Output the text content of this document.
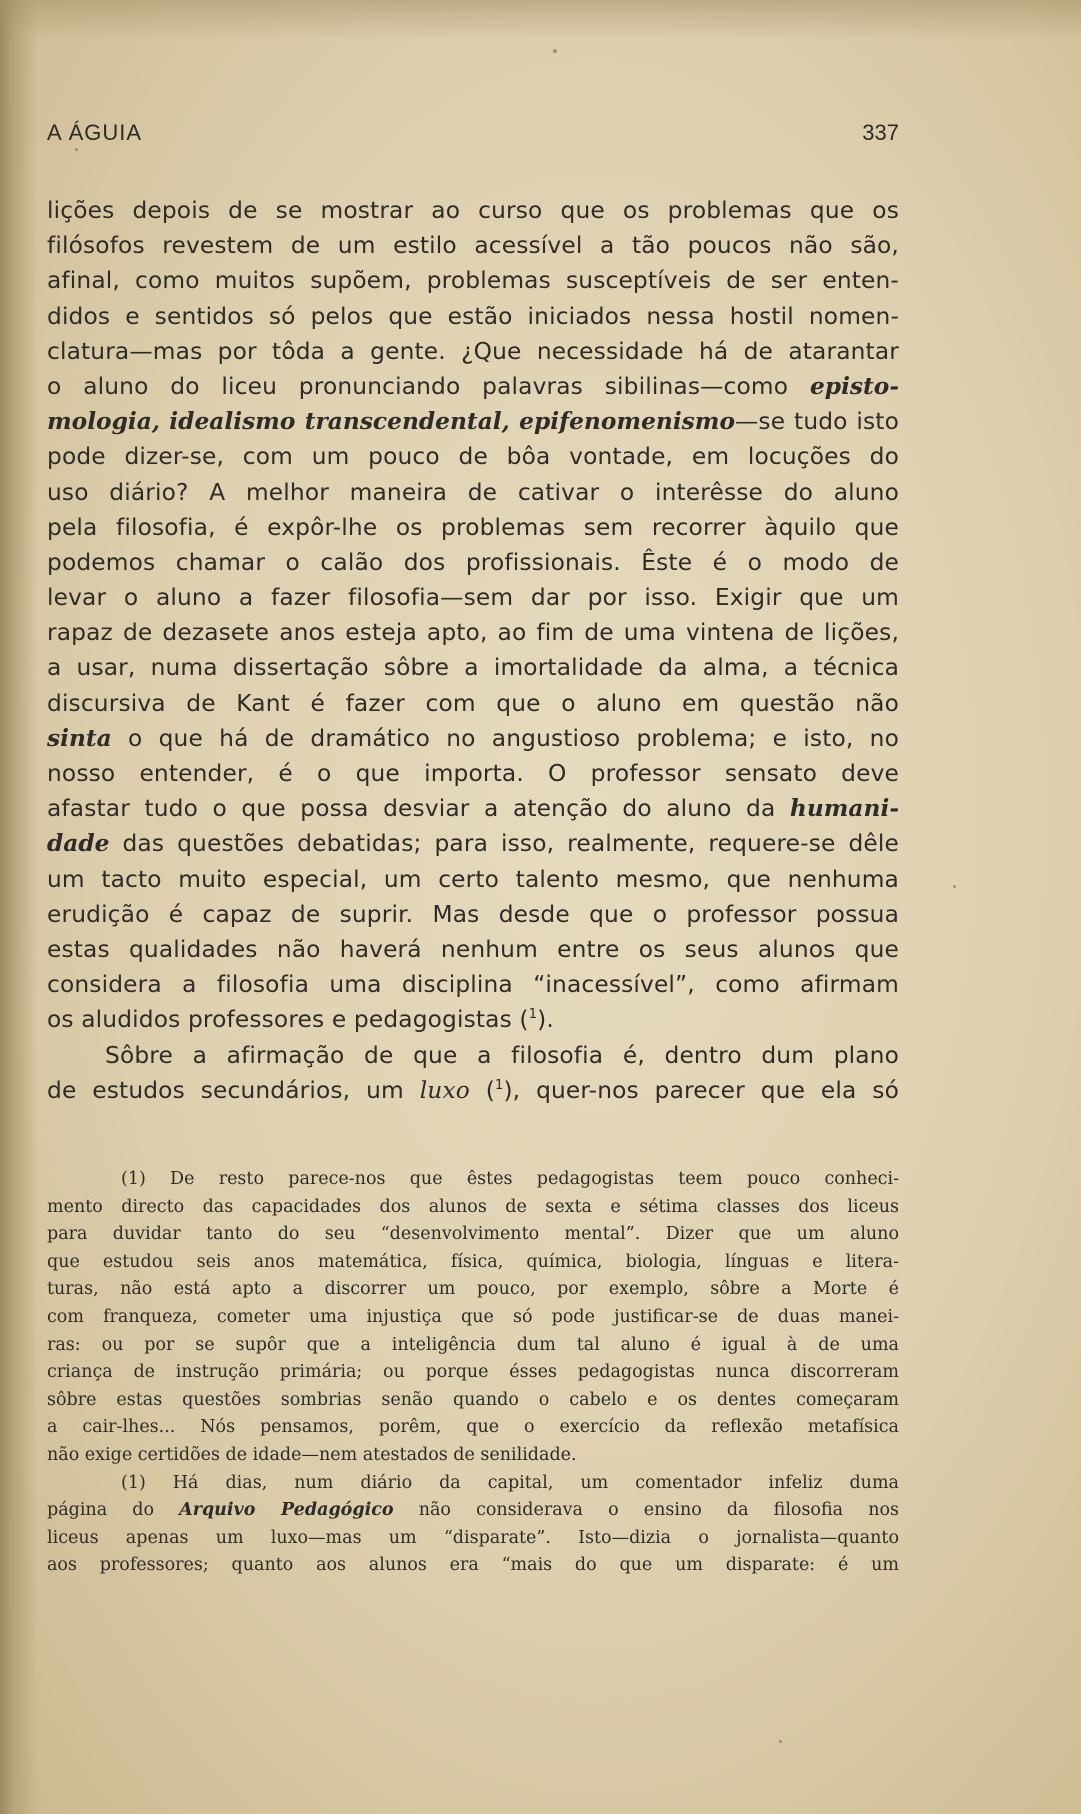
A ÁGUIA	337
lições depois de se mostrar ao curso que os problemas que os
filósofos revestem de um estilo acessível a tão poucos não são,
afinal, como muitos supõem, problemas susceptíveis de ser enten-
didos e sentidos só pelos que estão iniciados nessa hostil nomen-
clatura—mas por tôda a gente. ¿Que necessidade há de atarantar
o aluno do liceu pronunciando palavras sibilinas—como episto-
mologia, idealismo transcendental, epifenomenismo—se tudo isto
pode dizer-se, com um pouco de bôa vontade, em locuções do
uso diário? A melhor maneira de cativar o interêsse do aluno
pela filosofia, é expôr-lhe os problemas sem recorrer àquilo que
podemos chamar o calão dos profissionais. Êste é o modo de
levar o aluno a fazer filosofia—sem dar por isso. Exigir que um
rapaz de dezasete anos esteja apto, ao fim de uma vintena de lições,
a usar, numa dissertação sôbre a imortalidade da alma, a técnica
discursiva de Kant é fazer com que o aluno em questão não
sinta o que há de dramático no angustioso problema; e isto, no
nosso entender, é o que importa. O professor sensato deve
afastar tudo o que possa desviar a atenção do aluno da humani-
dade das questões debatidas; para isso, realmente, requere-se dêle
um tacto muito especial, um certo talento mesmo, que nenhuma
erudição é capaz de suprir. Mas desde que o professor possua
estas qualidades não haverá nenhum entre os seus alunos que
considera a filosofia uma disciplina “inacessível”, como afirmam
os aludidos professores e pedagogistas ($^1$).
Sôbre a afirmação de que a filosofia é, dentro dum plano
de estudos secundários, um luxo ($^1$), quer-nos parecer que ela só
(1) De resto parece-nos que êstes pedagogistas teem pouco conheci-
mento directo das capacidades dos alunos de sexta e sétima classes dos liceus
para duvidar tanto do seu “desenvolvimento mental”. Dizer que um aluno
que estudou seis anos matemática, física, química, biologia, línguas e litera-
turas, não está apto a discorrer um pouco, por exemplo, sôbre a Morte é
com franqueza, cometer uma injustiça que só pode justificar-se de duas manei-
ras: ou por se supôr que a inteligência dum tal aluno é igual à de uma
criança de instrução primária; ou porque ésses pedagogistas nunca discorreram
sôbre estas questões sombrias senão quando o cabelo e os dentes começaram
a cair-lhes... Nós pensamos, porêm, que o exercício da reflexão metafísica
não exige certidões de idade—nem atestados de senilidade.
(1) Há dias, num diário da capital, um comentador infeliz duma
página do Arquivo Pedagógico não considerava o ensino da filosofia nos
liceus apenas um luxo—mas um “disparate”. Isto—dizia o jornalista—quanto
aos professores; quanto aos alunos era “mais do que um disparate: é um
